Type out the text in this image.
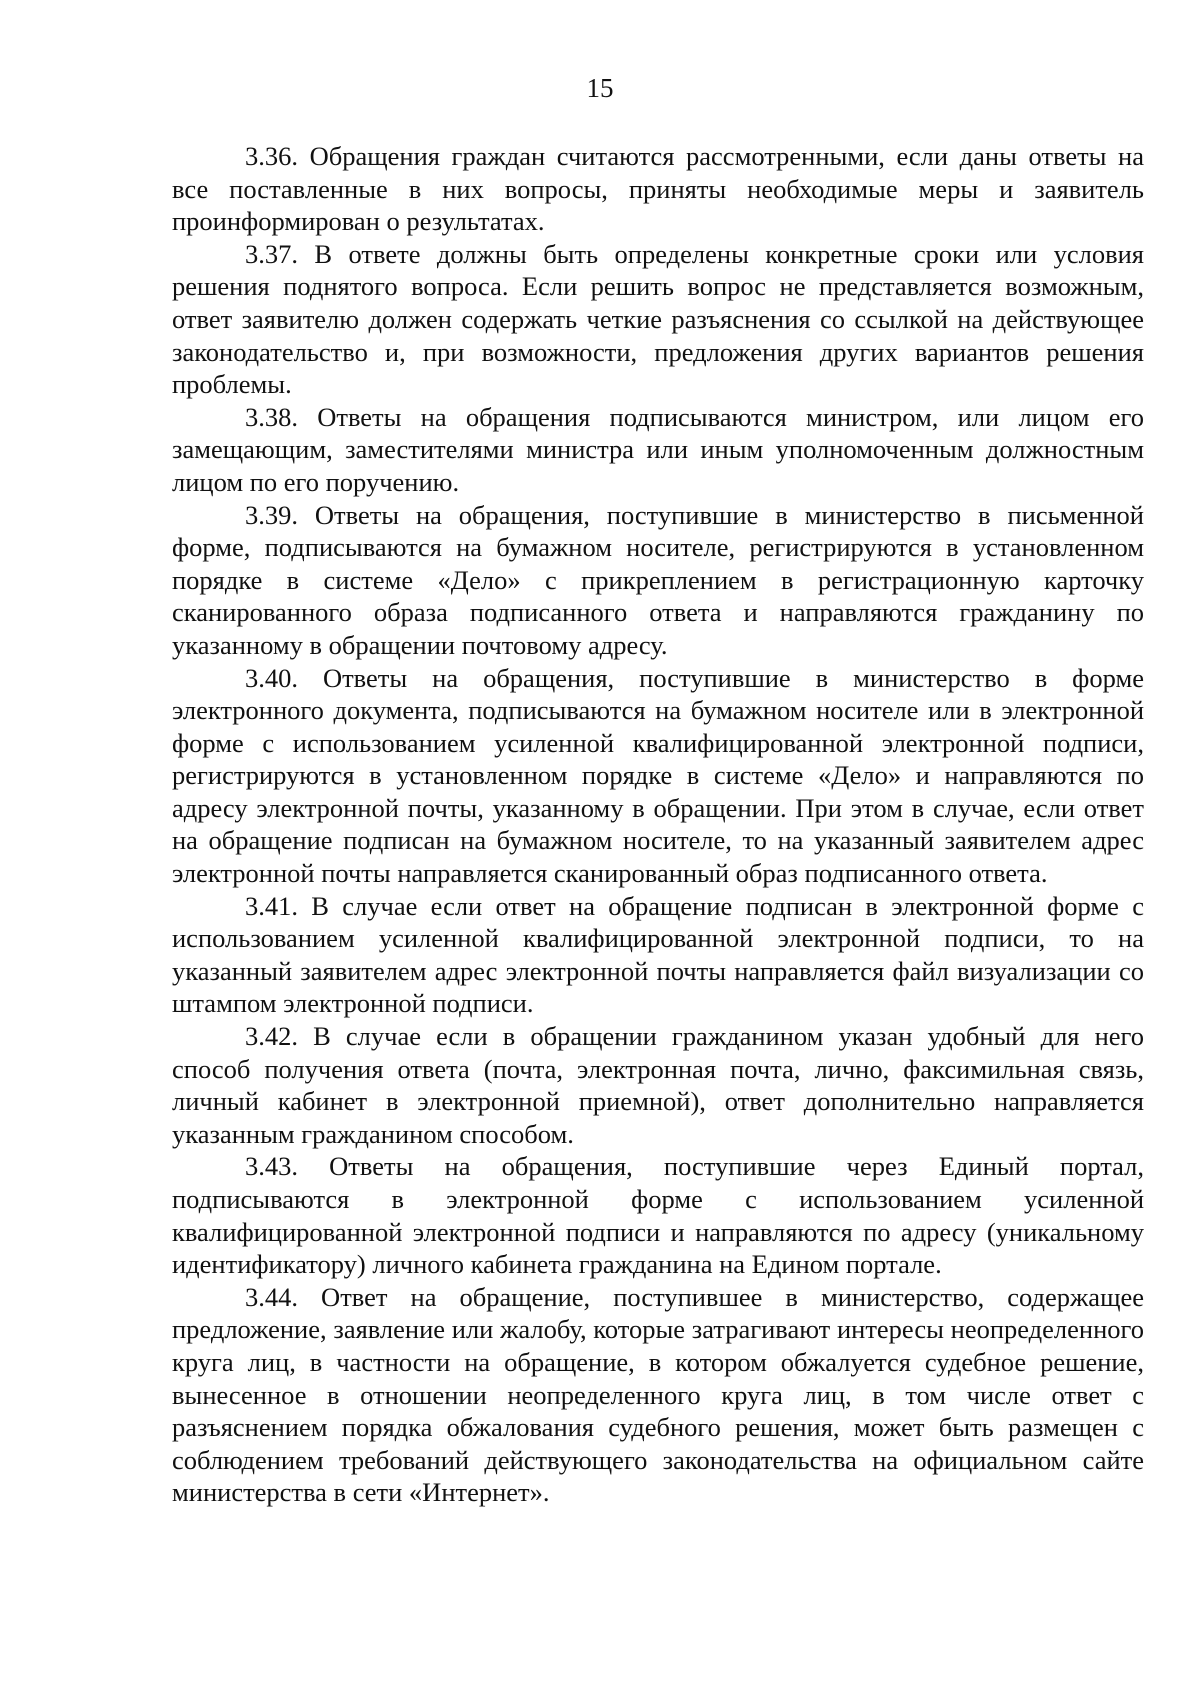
15

3.36. Обращения граждан считаются рассмотренными, если даны ответы на все поставленные в них вопросы, приняты необходимые меры и заявитель проинформирован о результатах.

3.37. В ответе должны быть определены конкретные сроки или условия решения поднятого вопроса. Если решить вопрос не представляется возможным, ответ заявителю должен содержать четкие разъяснения со ссылкой на действующее законодательство и, при возможности, предложения других вариантов решения проблемы.

3.38. Ответы на обращения подписываются министром, или лицом его замещающим, заместителями министра или иным уполномоченным должностным лицом по его поручению.

3.39. Ответы на обращения, поступившие в министерство в письменной форме, подписываются на бумажном носителе, регистрируются в установленном порядке в системе «Дело» с прикреплением в регистрационную карточку сканированного образа подписанного ответа и направляются гражданину по указанному в обращении почтовому адресу.

3.40. Ответы на обращения, поступившие в министерство в форме электронного документа, подписываются на бумажном носителе или в электронной форме с использованием усиленной квалифицированной электронной подписи, регистрируются в установленном порядке в системе «Дело» и направляются по адресу электронной почты, указанному в обращении. При этом в случае, если ответ на обращение подписан на бумажном носителе, то на указанный заявителем адрес электронной почты направляется сканированный образ подписанного ответа.

3.41. В случае если ответ на обращение подписан в электронной форме с использованием усиленной квалифицированной электронной подписи, то на указанный заявителем адрес электронной почты направляется файл визуализации со штампом электронной подписи.

3.42. В случае если в обращении гражданином указан удобный для него способ получения ответа (почта, электронная почта, лично, факсимильная связь, личный кабинет в электронной приемной), ответ дополнительно направляется указанным гражданином способом.

3.43. Ответы на обращения, поступившие через Единый портал, подписываются в электронной форме с использованием усиленной квалифицированной электронной подписи и направляются по адресу (уникальному идентификатору) личного кабинета гражданина на Едином портале.

3.44. Ответ на обращение, поступившее в министерство, содержащее предложение, заявление или жалобу, которые затрагивают интересы неопределенного круга лиц, в частности на обращение, в котором обжалуется судебное решение, вынесенное в отношении неопределенного круга лиц, в том числе ответ с разъяснением порядка обжалования судебного решения, может быть размещен с соблюдением требований действующего законодательства на официальном сайте министерства в сети «Интернет».
